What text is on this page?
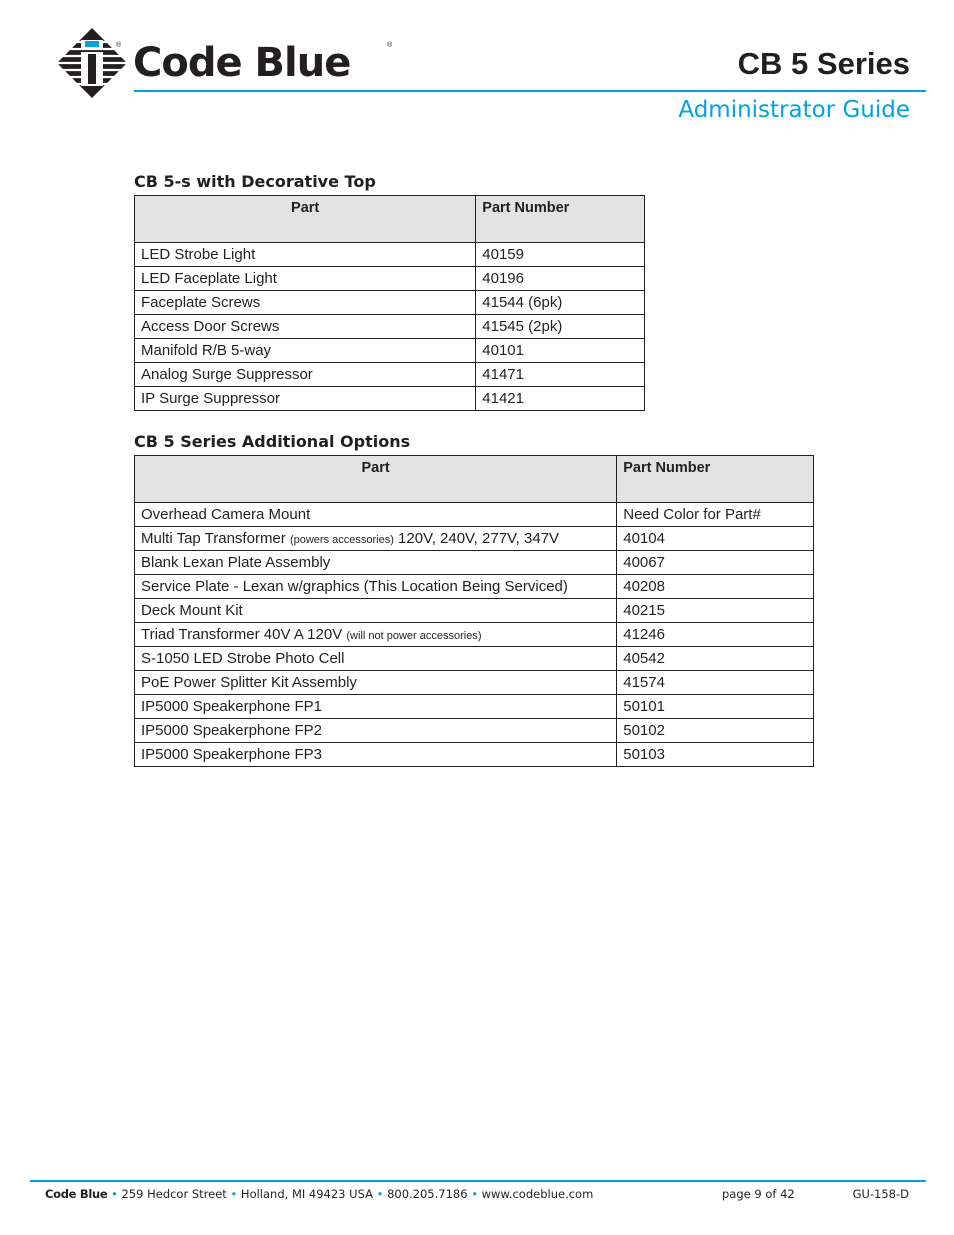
® Code Blue	®
CB 5 Series
Administrator Guide
CB 5-s with Decorative Top
Part	Part Number
LED Strobe Light	40159
LED Faceplate Light	40196
Faceplate Screws	41544 (6pk)
Access Door Screws	41545 (2pk)
Manifold R/B 5-way	40101
Analog Surge Suppressor	41471
IP Surge Suppressor	41421
CB 5 Series Additional Options
Part	Part Number
Overhead Camera Mount	Need Color for Part#
Multi Tap Transformer (powers accessories) 120V, 240V, 277V, 347V	40104
Blank Lexan Plate Assembly	40067
Service Plate - Lexan w/graphics (This Location Being Serviced)	40208
Deck Mount Kit	40215
Triad Transformer 40V A 120V (will not power accessories)	41246
S-1050 LED Strobe Photo Cell	40542
PoE Power Splitter Kit Assembly	41574
IP5000 Speakerphone FP1	50101
IP5000 Speakerphone FP2	50102
IP5000 Speakerphone FP3	50103
Code Blue • 259 Hedcor Street • Holland, MI 49423 USA • 800.205.7186 • www.codeblue.com	page 9 of 42	GU-158-D
